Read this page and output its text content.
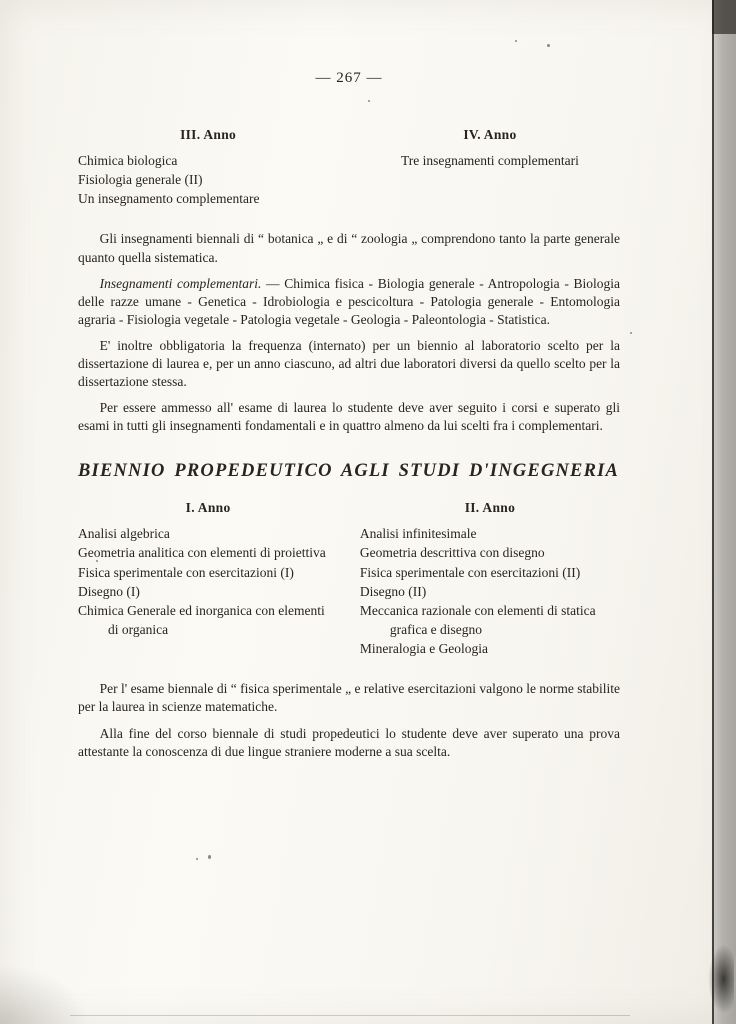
— 267 —
III. Anno
Chimica biologica
Fisiologia generale (II)
Un insegnamento complementare
IV. Anno
Tre insegnamenti complementari

Gli insegnamenti biennali di “ botanica „ e di “ zoologia „ comprendono tanto la parte generale quanto quella sistematica.

Insegnamenti complementari. — Chimica fisica - Biologia generale - Antropologia - Biologia delle razze umane - Genetica - Idrobiologia e pescicoltura - Patologia generale - Entomologia agraria - Fisiologia vegetale - Patologia vegetale - Geologia - Paleontologia - Statistica.

E' inoltre obbligatoria la frequenza (internato) per un biennio al laboratorio scelto per la dissertazione di laurea e, per un anno ciascuno, ad altri due laboratori diversi da quello scelto per la dissertazione stessa.

Per essere ammesso all' esame di laurea lo studente deve aver seguito i corsi e superato gli esami in tutti gli insegnamenti fondamentali e in quattro almeno da lui scelti fra i complementari.

BIENNIO PROPEDEUTICO AGLI STUDI D'INGEGNERIA
I. Anno
Analisi algebrica
Geometria analitica con elementi di proiettiva
Fisica sperimentale con esercitazioni (I)
Disegno (I)
Chimica Generale ed inorganica con elementi di organica
II. Anno
Analisi infinitesimale
Geometria descrittiva con disegno
Fisica sperimentale con esercitazioni (II)
Disegno (II)
Meccanica razionale con elementi di statica grafica e disegno
Mineralogia e Geologia

Per l' esame biennale di “ fisica sperimentale „ e relative esercitazioni valgono le norme stabilite per la laurea in scienze matematiche.

Alla fine del corso biennale di studi propedeutici lo studente deve aver superato una prova attestante la conoscenza di due lingue straniere moderne a sua scelta.
